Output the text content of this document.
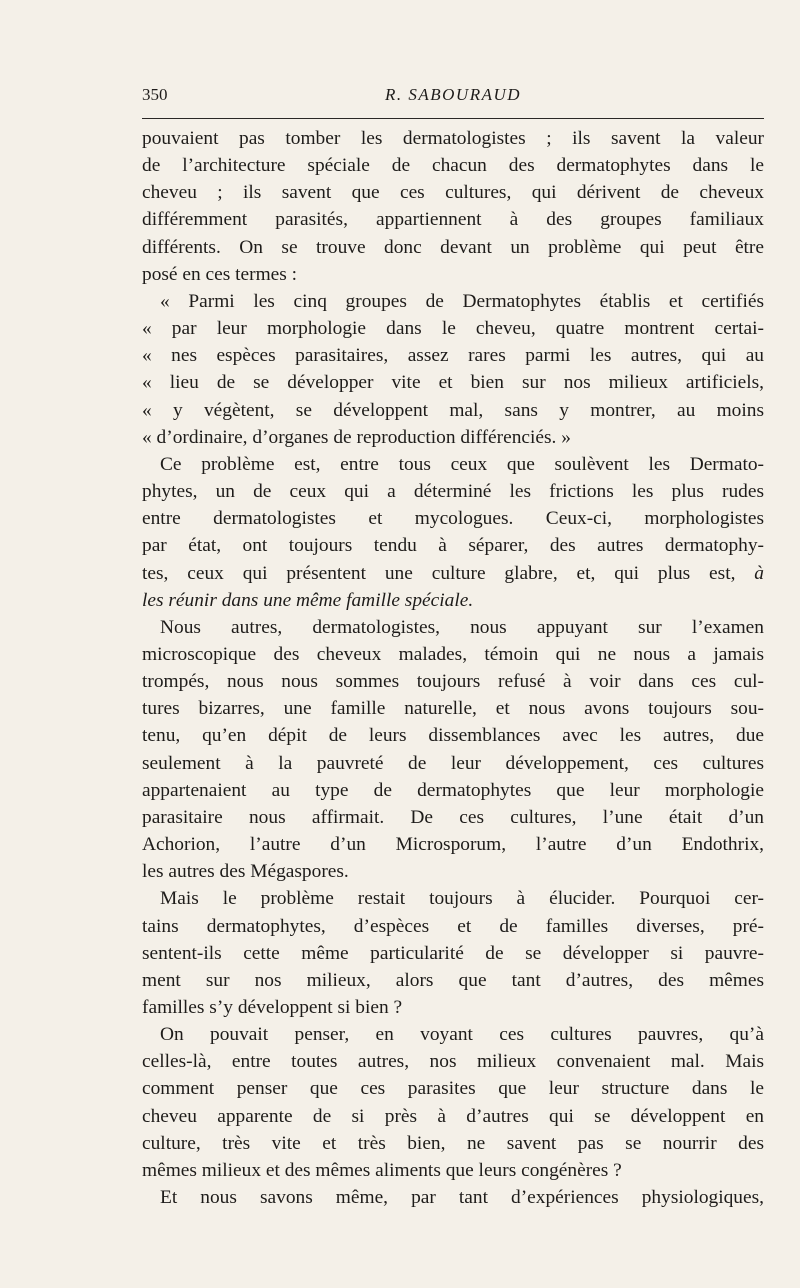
350	R. SABOURAUD
pouvaient pas tomber les dermatologistes ; ils savent la valeur
de l’architecture spéciale de chacun des dermatophytes dans le
cheveu ; ils savent que ces cultures, qui dérivent de cheveux
différemment parasités, appartiennent à des groupes familiaux
différents. On se trouve donc devant un problème qui peut être
posé en ces termes :
« Parmi les cinq groupes de Dermatophytes établis et certifiés
« par leur morphologie dans le cheveu, quatre montrent certai-
« nes espèces parasitaires, assez rares parmi les autres, qui au
« lieu de se développer vite et bien sur nos milieux artificiels,
« y végètent, se développent mal, sans y montrer, au moins
« d’ordinaire, d’organes de reproduction différenciés. »
Ce problème est, entre tous ceux que soulèvent les Dermato-
phytes, un de ceux qui a déterminé les frictions les plus rudes
entre dermatologistes et mycologues. Ceux-ci, morphologistes
par état, ont toujours tendu à séparer, des autres dermatophy-
tes, ceux qui présentent une culture glabre, et, qui plus est, à
les réunir dans une même famille spéciale.
Nous autres, dermatologistes, nous appuyant sur l’examen
microscopique des cheveux malades, témoin qui ne nous a jamais
trompés, nous nous sommes toujours refusé à voir dans ces cul-
tures bizarres, une famille naturelle, et nous avons toujours sou-
tenu, qu’en dépit de leurs dissemblances avec les autres, due
seulement à la pauvreté de leur développement, ces cultures
appartenaient au type de dermatophytes que leur morphologie
parasitaire nous affirmait. De ces cultures, l’une était d’un
Achorion, l’autre d’un Microsporum, l’autre d’un Endothrix,
les autres des Mégaspores.
Mais le problème restait toujours à élucider. Pourquoi cer-
tains dermatophytes, d’espèces et de familles diverses, pré-
sentent-ils cette même particularité de se développer si pauvre-
ment sur nos milieux, alors que tant d’autres, des mêmes
familles s’y développent si bien ?
On pouvait penser, en voyant ces cultures pauvres, qu’à
celles-là, entre toutes autres, nos milieux convenaient mal. Mais
comment penser que ces parasites que leur structure dans le
cheveu apparente de si près à d’autres qui se développent en
culture, très vite et très bien, ne savent pas se nourrir des
mêmes milieux et des mêmes aliments que leurs congénères ?
Et nous savons même, par tant d’expériences physiologiques,
